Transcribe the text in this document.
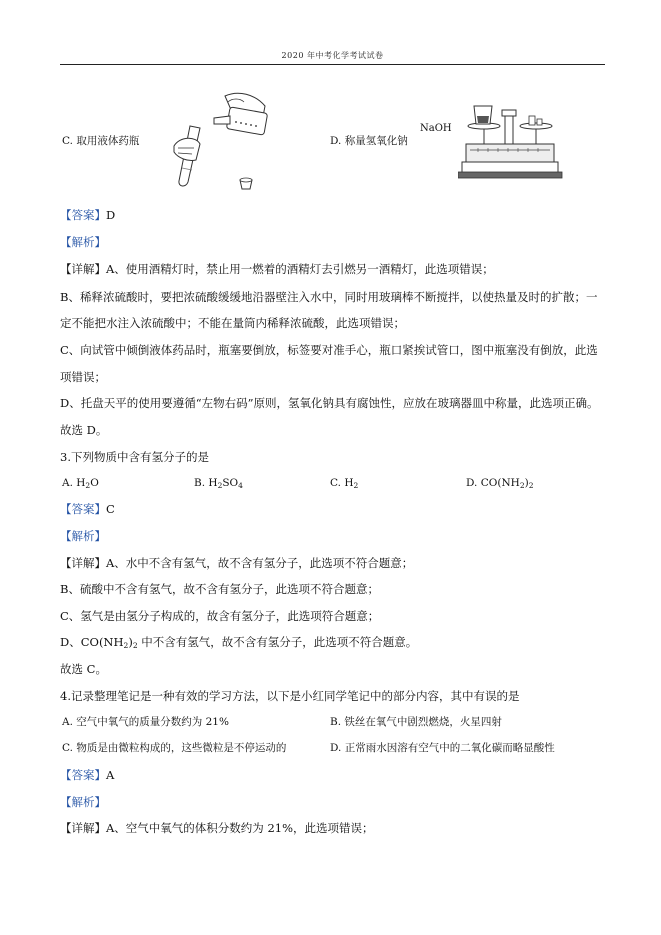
2020 年中考化学考试试卷
NaOH
C. 取用液体药瓶	D. 称量氢氧化钠
【答案】D
【解析】
【详解】A、使用酒精灯时，禁止用一燃着的酒精灯去引燃另一酒精灯，此选项错误；
B、稀释浓硫酸时，要把浓硫酸缓缓地沿器壁注入水中，同时用玻璃棒不断搅拌，以使热量及时的扩散；一
定不能把水注入浓硫酸中；不能在量筒内稀释浓硫酸，此选项错误；
C、向试管中倾倒液体药品时，瓶塞要倒放，标签要对准手心，瓶口紧挨试管口，图中瓶塞没有倒放，此选
项错误；
D、托盘天平的使用要遵循“左物右码”原则，氢氧化钠具有腐蚀性，应放在玻璃器皿中称量，此选项正确。
故选 D。
3.下列物质中含有氢分子的是
A. H2O	B. H2SO4	C. H2	D. CO(NH2)2
【答案】C
【解析】
【详解】A、水中不含有氢气，故不含有氢分子，此选项不符合题意；
B、硫酸中不含有氢气，故不含有氢分子，此选项不符合题意；
C、氢气是由氢分子构成的，故含有氢分子，此选项符合题意；
D、CO(NH2)2 中不含有氢气，故不含有氢分子，此选项不符合题意。
故选 C。
4.记录整理笔记是一种有效的学习方法，以下是小红同学笔记中的部分内容，其中有误的是
A. 空气中氧气的质量分数约为 21%	B. 铁丝在氧气中剧烈燃烧，火星四射
C. 物质是由微粒构成的，这些微粒是不停运动的	D. 正常雨水因溶有空气中的二氧化碳而略显酸性
【答案】A
【解析】
【详解】A、空气中氧气的体积分数约为 21%，此选项错误；
